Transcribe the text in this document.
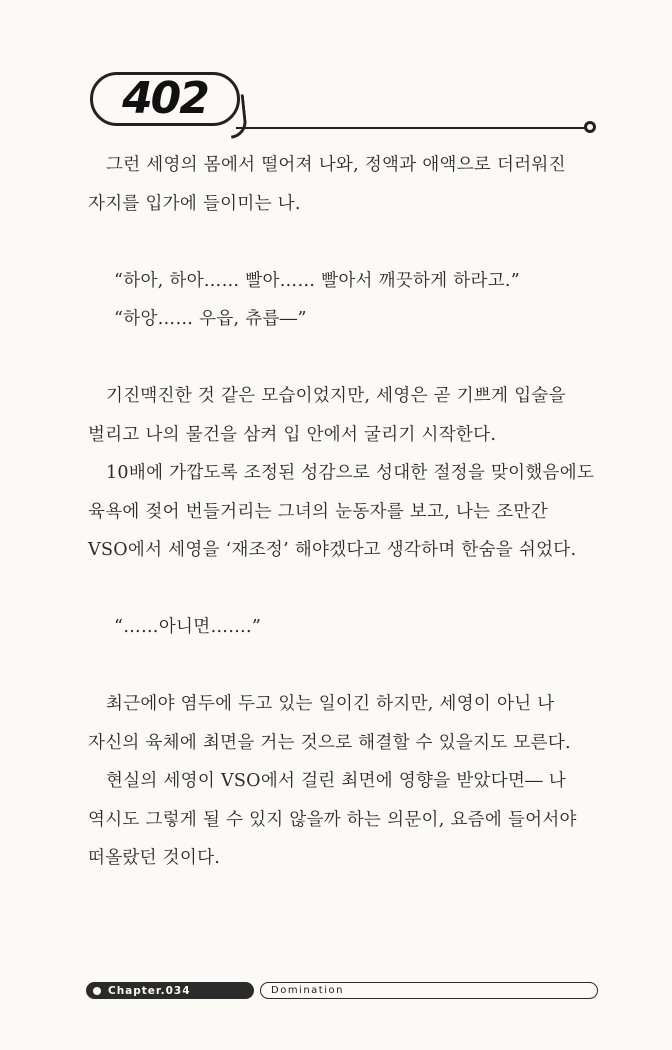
402

그런 세영의 몸에서 떨어져 나와, 정액과 애액으로 더러워진 자지를 입가에 들이미는 나.

“하아, 하아…… 빨아…… 빨아서 깨끗하게 하라고.”

“하앙…… 우읍, 츄릅―”

기진맥진한 것 같은 모습이었지만, 세영은 곧 기쁘게 입술을 벌리고 나의 물건을 삼켜 입 안에서 굴리기 시작한다.

10배에 가깝도록 조정된 성감으로 성대한 절정을 맞이했음에도 육욕에 젖어 번들거리는 그녀의 눈동자를 보고, 나는 조만간 VSO에서 세영을 ‘재조정’ 해야겠다고 생각하며 한숨을 쉬었다.

“……아니면…….”

최근에야 염두에 두고 있는 일이긴 하지만, 세영이 아닌 나 자신의 육체에 최면을 거는 것으로 해결할 수 있을지도 모른다.

현실의 세영이 VSO에서 걸린 최면에 영향을 받았다면― 나 역시도 그렇게 될 수 있지 않을까 하는 의문이, 요즘에 들어서야 떠올랐던 것이다.

Chapter.034	Domination
